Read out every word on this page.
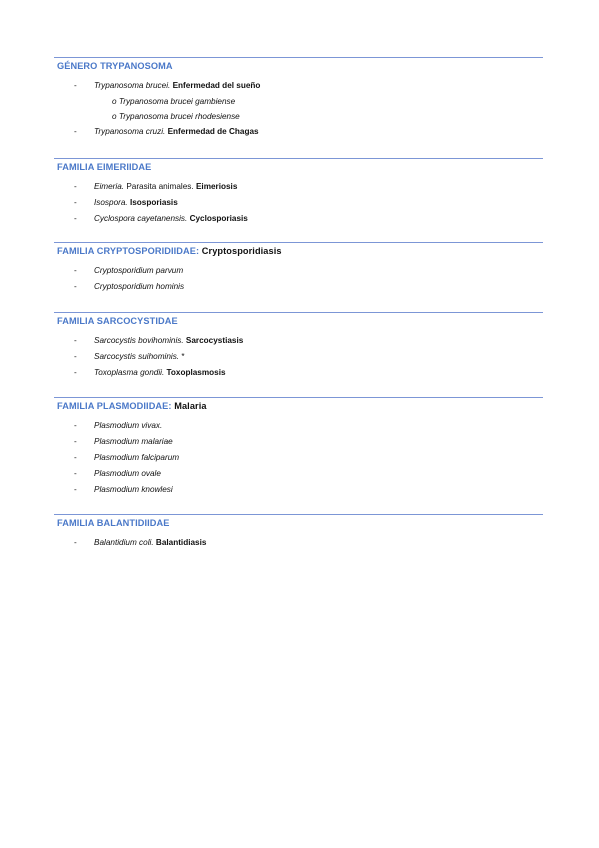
GÉNERO TRYPANOSOMA
- Trypanosoma brucei. Enfermedad del sueño
o Trypanosoma brucei gambiense
o Trypanosoma brucei rhodesiense
- Trypanosoma cruzi. Enfermedad de Chagas
FAMILIA EIMERIIDAE
- Eimeria. Parasita animales. Eimeriosis
- Isospora. Isosporiasis
- Cyclospora cayetanensis. Cyclosporiasis
FAMILIA CRYPTOSPORIDIIDAE: Cryptosporidiasis
- Cryptosporidium parvum
- Cryptosporidium hominis
FAMILIA SARCOCYSTIDAE
- Sarcocystis bovihominis. Sarcocystiasis
- Sarcocystis suihominis. *
- Toxoplasma gondii. Toxoplasmosis
FAMILIA PLASMODIIDAE: Malaria
- Plasmodium vivax.
- Plasmodium malariae
- Plasmodium falciparum
- Plasmodium ovale
- Plasmodium knowlesi
FAMILIA BALANTIDIIDAE
- Balantidium coli. Balantidiasis
